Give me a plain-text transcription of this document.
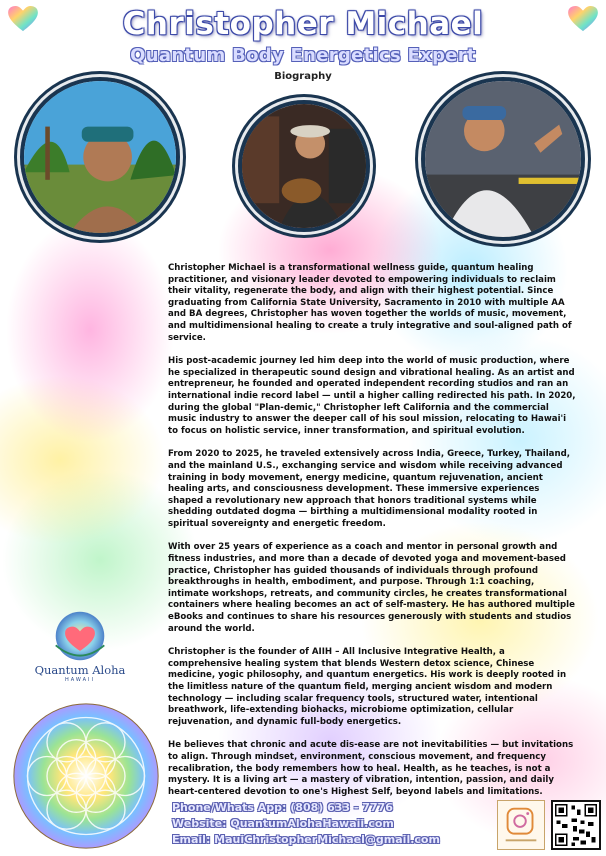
Christopher Michael
Quantum Body Energetics Expert
Biography

Christopher Michael is a transformational wellness guide, quantum healing practitioner, and visionary leader devoted to empowering individuals to reclaim their vitality, regenerate the body, and align with their highest potential. Since graduating from California State University, Sacramento in 2010 with multiple AA and BA degrees, Christopher has woven together the worlds of music, movement, and multidimensional healing to create a truly integrative and soul-aligned path of service.

His post-academic journey led him deep into the world of music production, where he specialized in therapeutic sound design and vibrational healing. As an artist and entrepreneur, he founded and operated independent recording studios and ran an international indie record label — until a higher calling redirected his path. In 2020, during the global "Plan-demic," Christopher left California and the commercial music industry to answer the deeper call of his soul mission, relocating to Hawai'i to focus on holistic service, inner transformation, and spiritual evolution.

From 2020 to 2025, he traveled extensively across India, Greece, Turkey, Thailand, and the mainland U.S., exchanging service and wisdom while receiving advanced training in body movement, energy medicine, quantum rejuvenation, ancient healing arts, and consciousness development. These immersive experiences shaped a revolutionary new approach that honors traditional systems while shedding outdated dogma — birthing a multidimensional modality rooted in spiritual sovereignty and energetic freedom.

With over 25 years of experience as a coach and mentor in personal growth and fitness industries, and more than a decade of devoted yoga and movement-based practice, Christopher has guided thousands of individuals through profound breakthroughs in health, embodiment, and purpose. Through 1:1 coaching, intimate workshops, retreats, and community circles, he creates transformational containers where healing becomes an act of self-mastery. He has authored multiple eBooks and continues to share his resources generously with students and studios around the world.

Christopher is the founder of AIIH – All Inclusive Integrative Health, a comprehensive healing system that blends Western detox science, Chinese medicine, yogic philosophy, and quantum energetics. His work is deeply rooted in the limitless nature of the quantum field, merging ancient wisdom and modern technology — including scalar frequency tools, structured water, intentional breathwork, life-extending biohacks, microbiome optimization, cellular rejuvenation, and dynamic full-body energetics.

He believes that chronic and acute dis-ease are not inevitabilities — but invitations to align. Through mindset, environment, conscious movement, and frequency recalibration, the body remembers how to heal. Health, as he teaches, is not a mystery. It is a living art — a mastery of vibration, intention, passion, and daily heart-centered devotion to one's Highest Self, beyond labels and limitations.

Quantum Aloha
HAWAII
Phone/Whats App: (808) 633 - 7776
Website: QuantumAlohaHawaii.com
Email: MauiChristopherMichael@gmail.com
